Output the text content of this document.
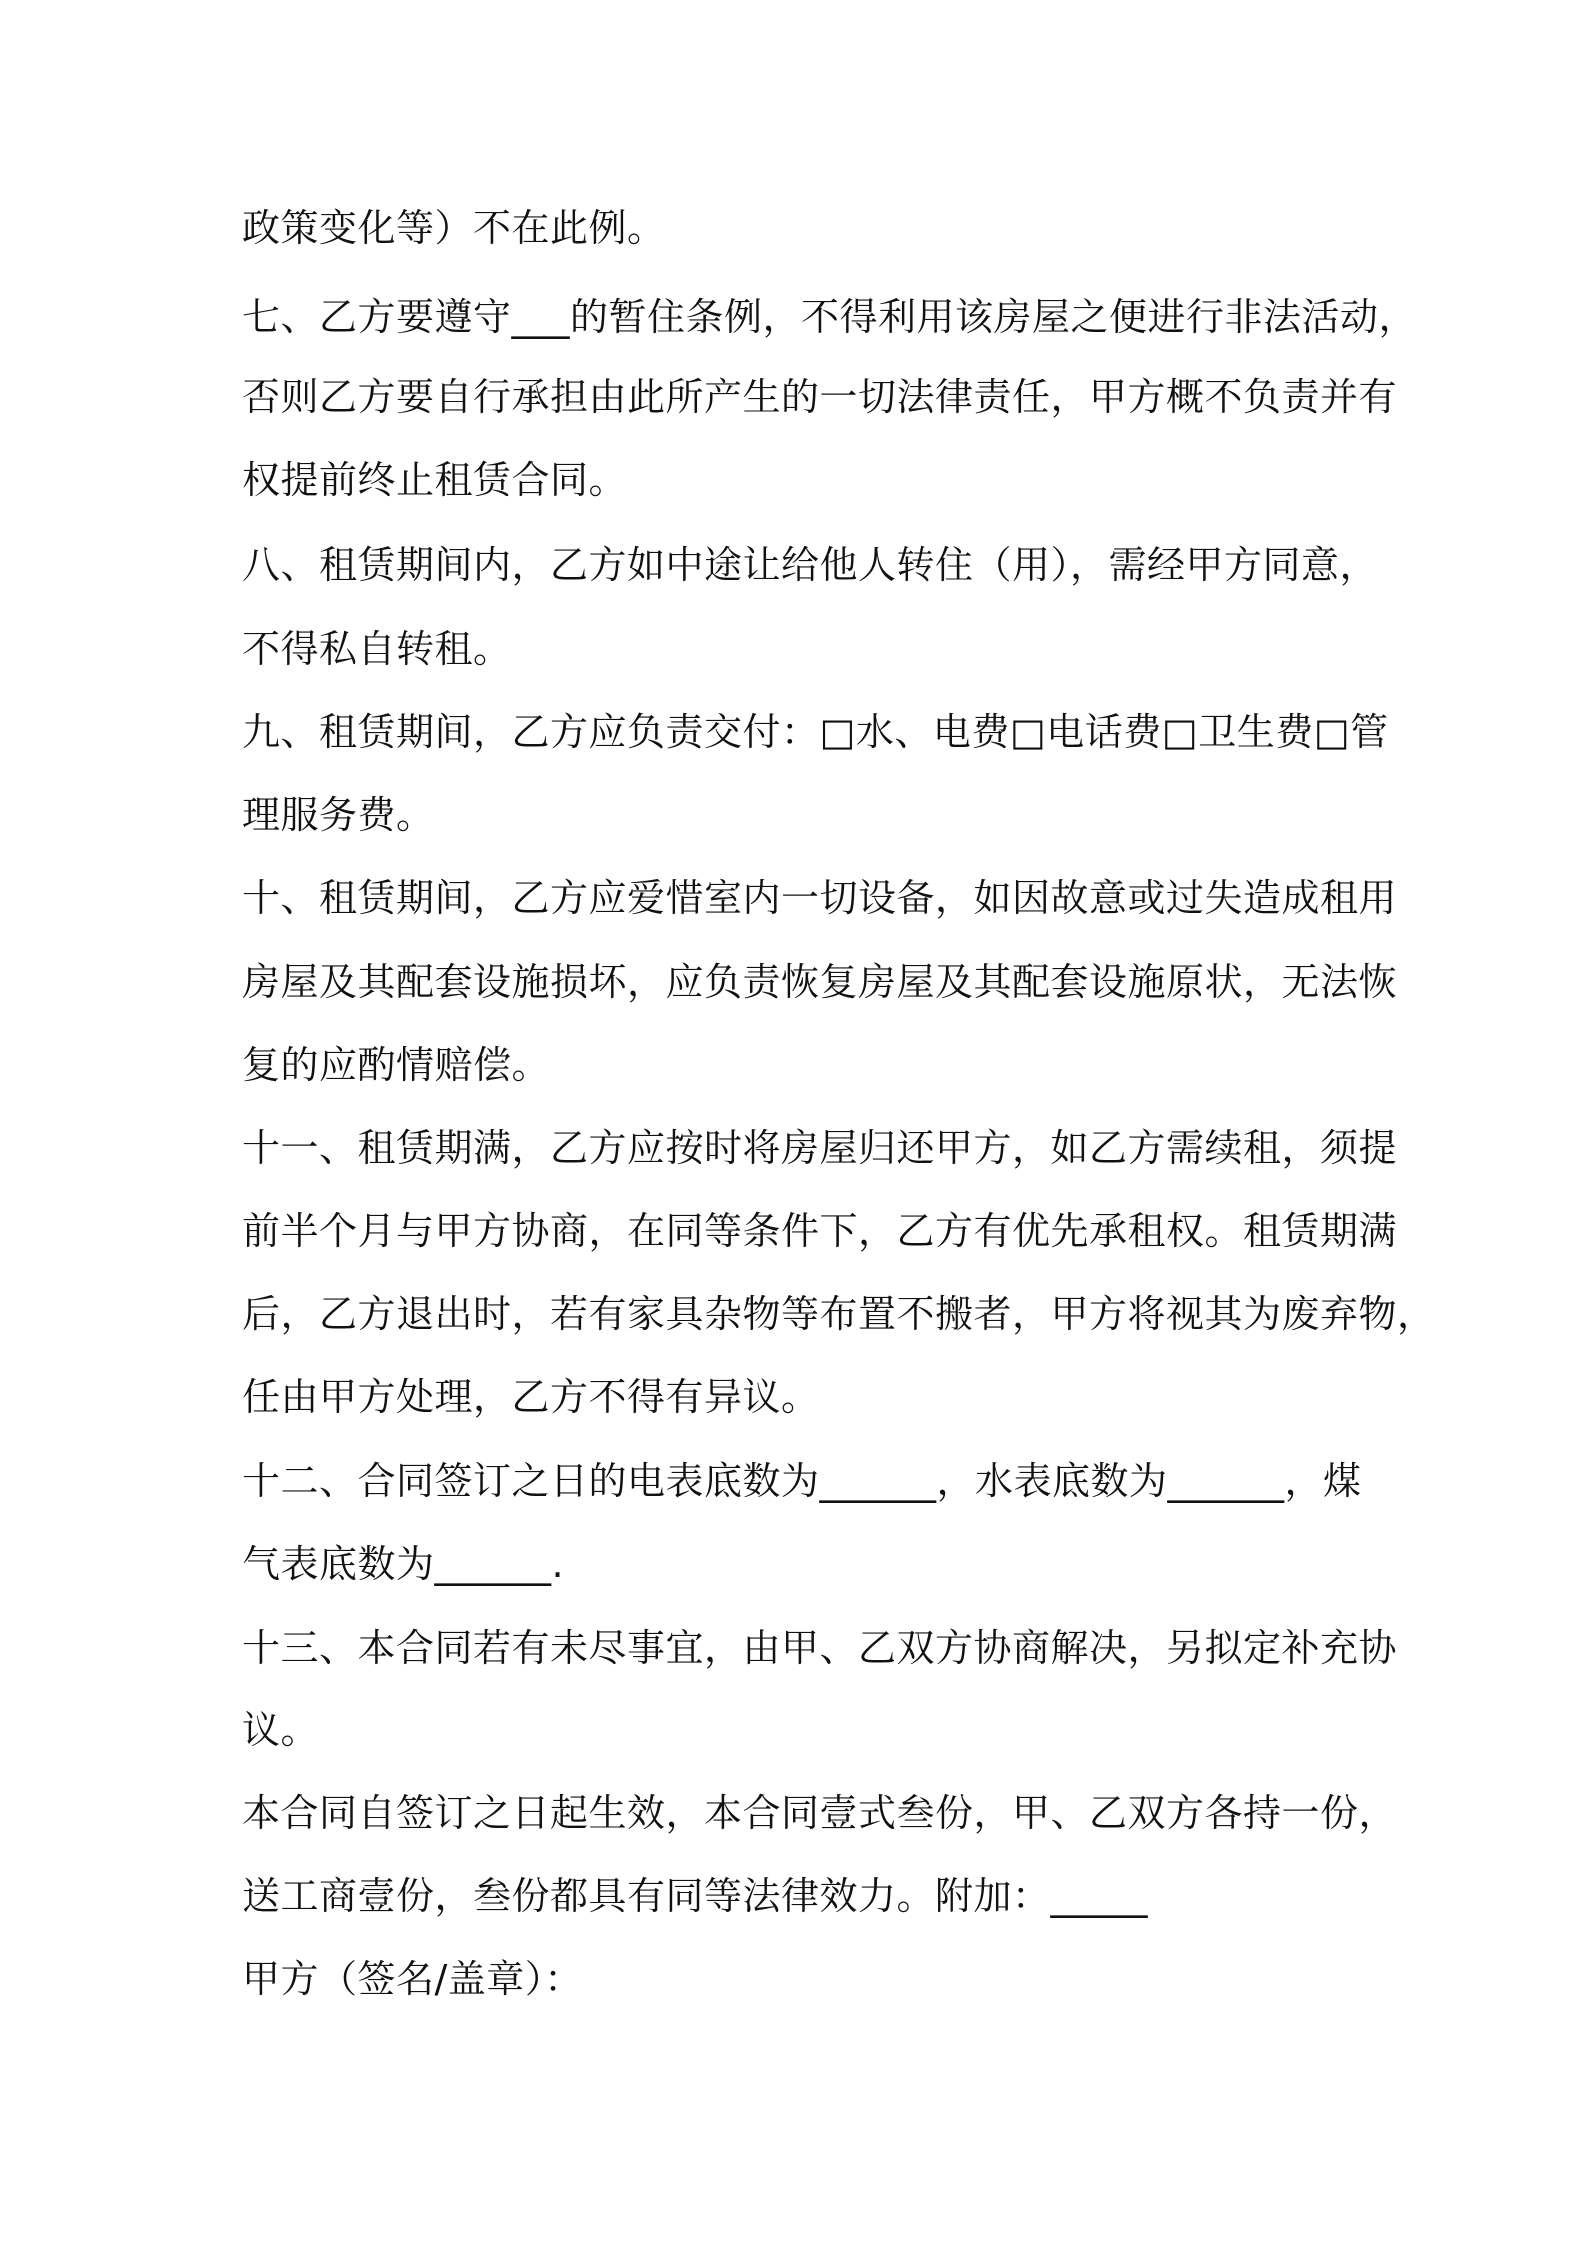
政策变化等）不在此例。

七、乙方要遵守___的暂住条例，不得利用该房屋之便进行非法活动，

否则乙方要自行承担由此所产生的一切法律责任，甲方概不负责并有

权提前终止租赁合同。

八、租赁期间内，乙方如中途让给他人转住（用），需经甲方同意，

不得私自转租。

九、租赁期间，乙方应负责交付：□水、电费□电话费□卫生费□管

理服务费。

十、租赁期间，乙方应爱惜室内一切设备，如因故意或过失造成租用

房屋及其配套设施损坏，应负责恢复房屋及其配套设施原状，无法恢

复的应酌情赔偿。

十一、租赁期满，乙方应按时将房屋归还甲方，如乙方需续租，须提

前半个月与甲方协商，在同等条件下，乙方有优先承租权。租赁期满

后，乙方退出时，若有家具杂物等布置不搬者，甲方将视其为废弃物，

任由甲方处理，乙方不得有异议。

十二、合同签订之日的电表底数为______，水表底数为______，煤

气表底数为______.

十三、本合同若有未尽事宜，由甲、乙双方协商解决，另拟定补充协

议。

本合同自签订之日起生效，本合同壹式叁份，甲、乙双方各持一份，

送工商壹份，叁份都具有同等法律效力。附加：_____

甲方（签名/盖章）：
